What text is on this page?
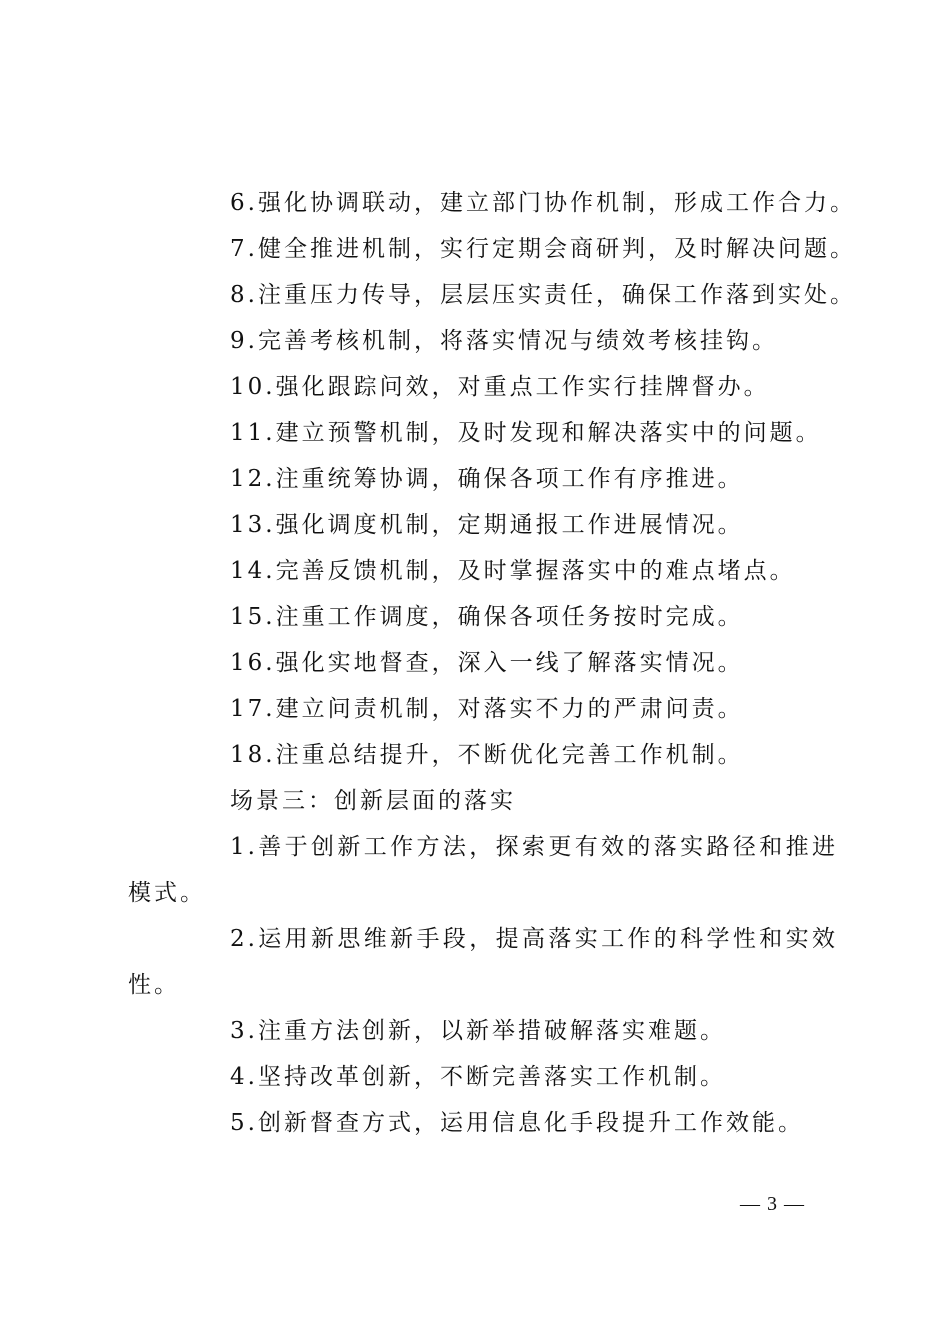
6.强化协调联动，建立部门协作机制，形成工作合力。
7.健全推进机制，实行定期会商研判，及时解决问题。
8.注重压力传导，层层压实责任，确保工作落到实处。
9.完善考核机制，将落实情况与绩效考核挂钩。
10.强化跟踪问效，对重点工作实行挂牌督办。
11.建立预警机制，及时发现和解决落实中的问题。
12.注重统筹协调，确保各项工作有序推进。
13.强化调度机制，定期通报工作进展情况。
14.完善反馈机制，及时掌握落实中的难点堵点。
15.注重工作调度，确保各项任务按时完成。
16.强化实地督查，深入一线了解落实情况。
17.建立问责机制，对落实不力的严肃问责。
18.注重总结提升，不断优化完善工作机制。
场景三：创新层面的落实
1.善于创新工作方法，探索更有效的落实路径和推进
模式。
2.运用新思维新手段，提高落实工作的科学性和实效
性。
3.注重方法创新，以新举措破解落实难题。
4.坚持改革创新，不断完善落实工作机制。
5.创新督查方式，运用信息化手段提升工作效能。
— 3 —
